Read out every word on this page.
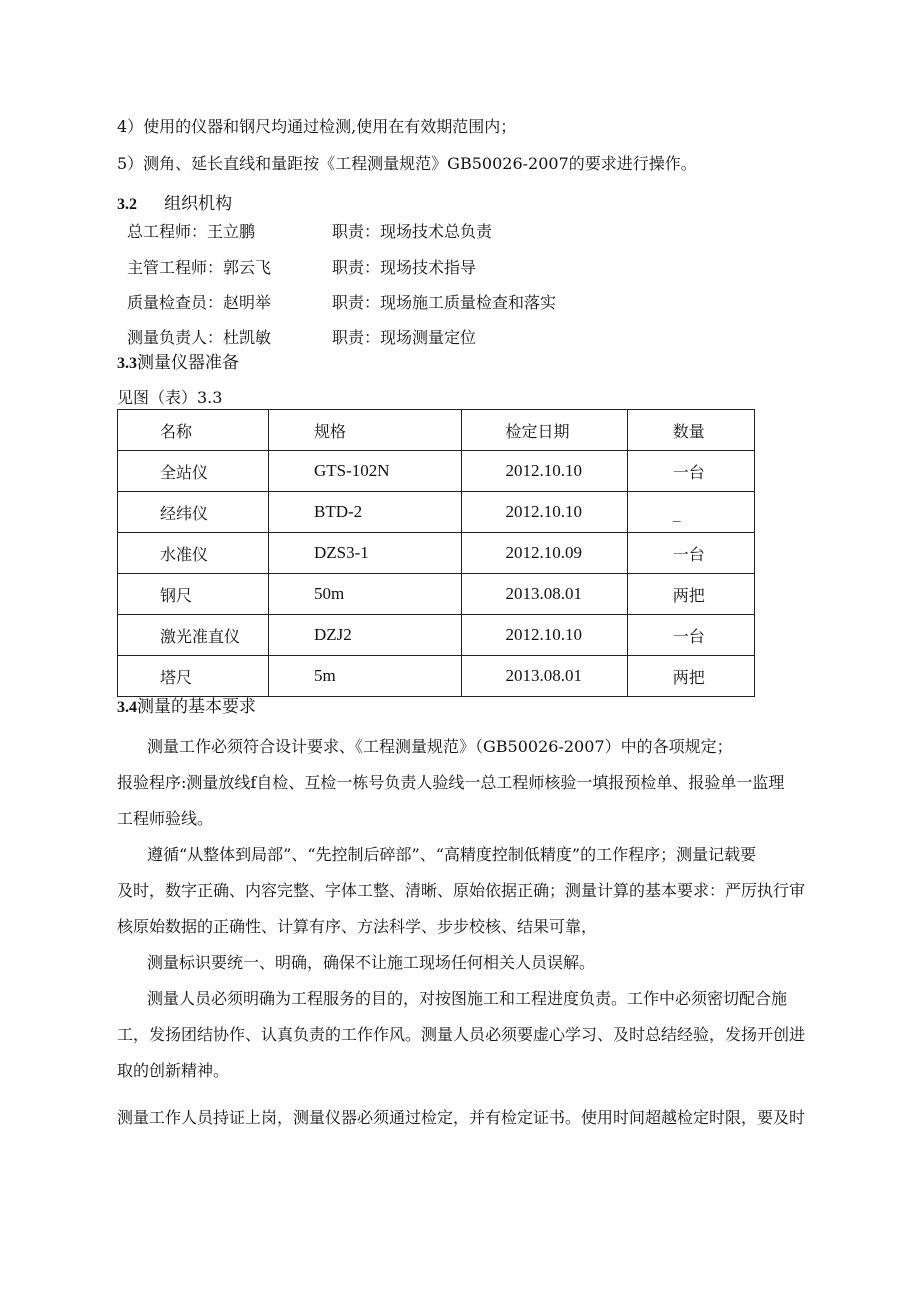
4）使用的仪器和钢尺均通过检测,使用在有效期范围内；
5）测角、延长直线和量距按《工程测量规范》GB50026-2007的要求进行操作。
3.2 组织机构
总工程师：王立鹏	职责：现场技术总负责
主管工程师：郭云飞	职责：现场技术指导
质量检查员：赵明举	职责：现场施工质量检查和落实
测量负责人：杜凯敏	职责：现场测量定位
3.3测量仪器准备
见图（表）3.3
名称	规格	检定日期	数量
全站仪	GTS-102N	2012.10.10	一台
经纬仪	BTD-2	2012.10.10	_
水准仪	DZS3-1	2012.10.09	一台
钢尺	50m	2013.08.01	两把
激光准直仪	DZJ2	2012.10.10	一台
塔尺	5m	2013.08.01	两把
3.4测量的基本要求
测量工作必须符合设计要求、《工程测量规范》（GB50026-2007）中的各项规定；
报验程序:测量放线f自检、互检一栋号负责人验线一总工程师核验一填报预检单、报验单一监理
工程师验线。
遵循“从整体到局部”、“先控制后碎部”、“高精度控制低精度”的工作程序；测量记载要
及时，数字正确、内容完整、字体工整、清晰、原始依据正确；测量计算的基本要求：严厉执行审
核原始数据的正确性、计算有序、方法科学、步步校核、结果可靠，
测量标识要统一、明确，确保不让施工现场任何相关人员误解。
测量人员必须明确为工程服务的目的，对按图施工和工程进度负责。工作中必须密切配合施
工，发扬团结协作、认真负责的工作作风。测量人员必须要虚心学习、及时总结经验，发扬开创进
取的创新精神。
测量工作人员持证上岗，测量仪器必须通过检定，并有检定证书。使用时间超越检定时限，要及时
